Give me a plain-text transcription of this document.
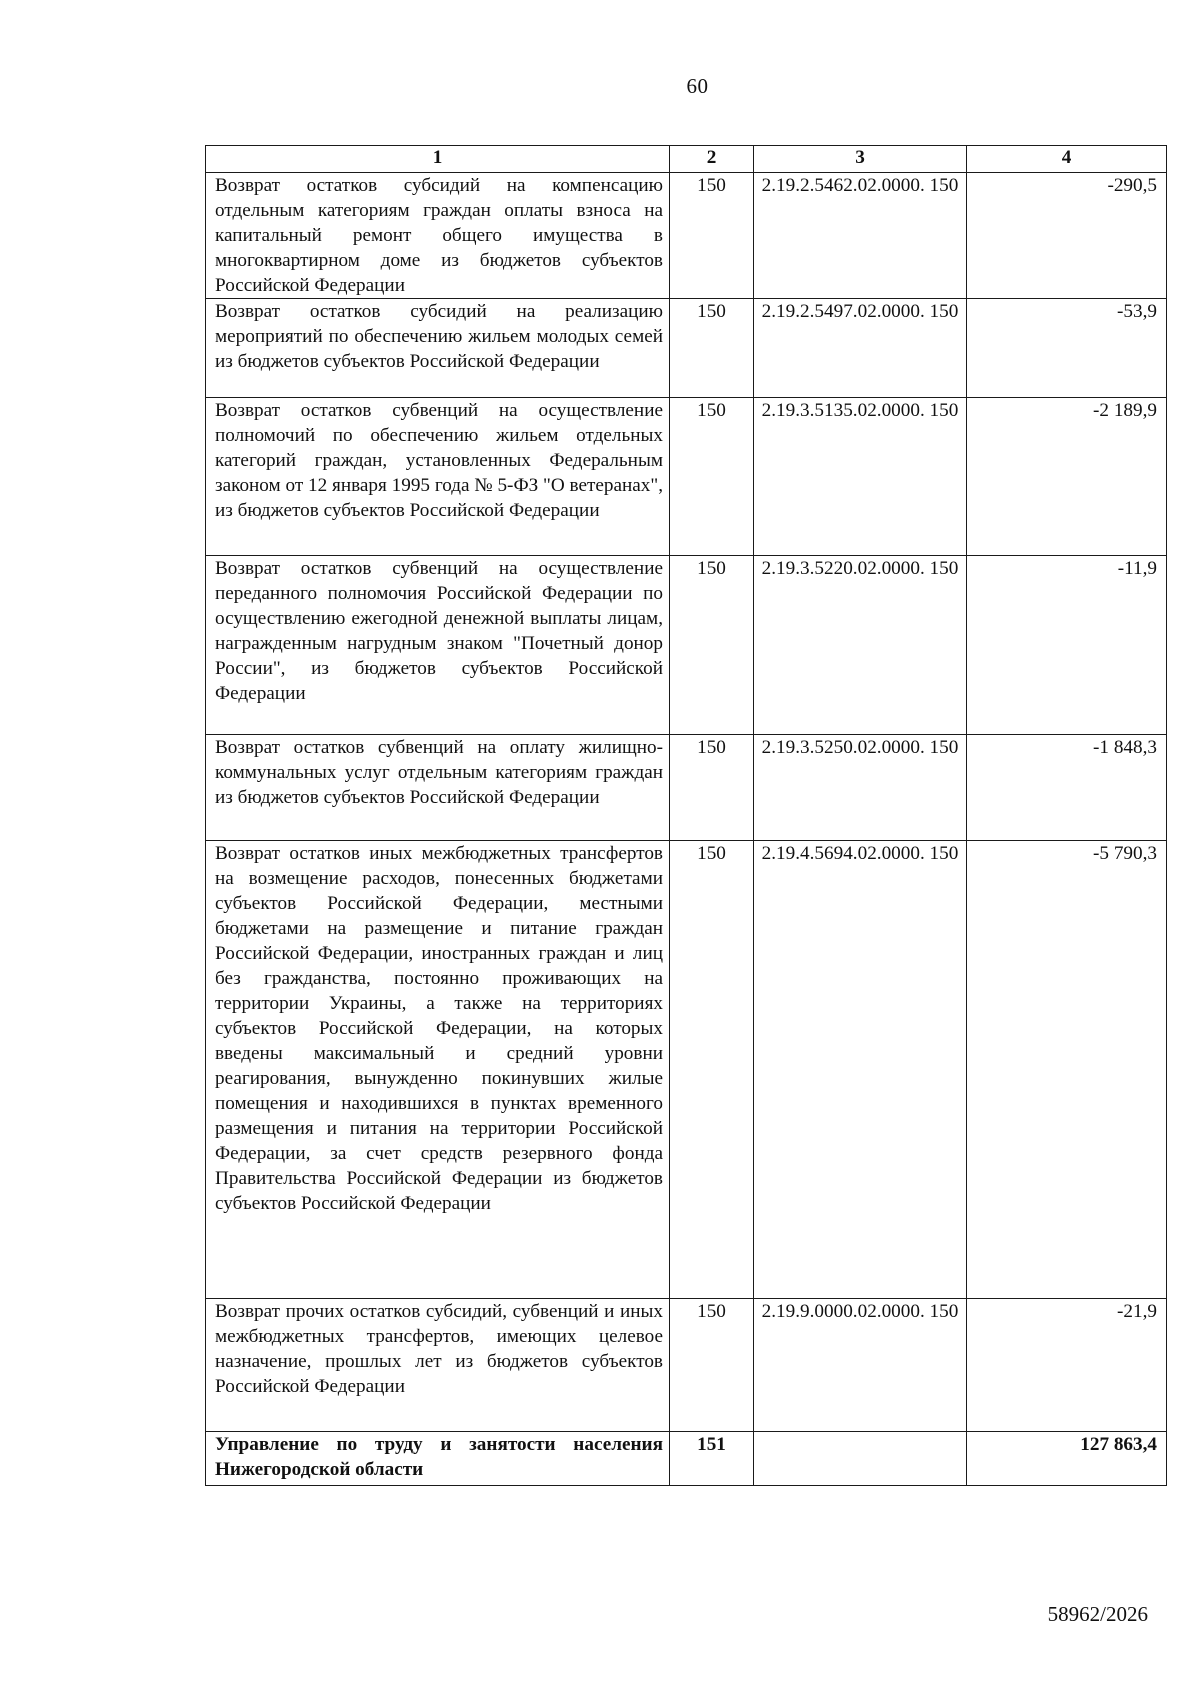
60
1	2	3	4
Возврат остатков субсидий на компенсацию отдельным категориям граждан оплаты взноса на капитальный ремонт общего имущества в многоквартирном доме из бюджетов субъектов Российской Федерации	150	2.19.2.5462.02.0000. 150	-290,5
Возврат остатков субсидий на реализацию мероприятий по обеспечению жильем молодых семей из бюджетов субъектов Российской Федерации	150	2.19.2.5497.02.0000. 150	-53,9
Возврат остатков субвенций на осуществление полномочий по обеспечению жильем отдельных категорий граждан, установленных Федеральным законом от 12 января 1995 года № 5-ФЗ "О ветеранах", из бюджетов субъектов Российской Федерации	150	2.19.3.5135.02.0000. 150	-2 189,9
Возврат остатков субвенций на осуществление переданного полномочия Российской Федерации по осуществлению ежегодной денежной выплаты лицам, награжденным нагрудным знаком "Почетный донор России", из бюджетов субъектов Российской Федерации	150	2.19.3.5220.02.0000. 150	-11,9
Возврат остатков субвенций на оплату жилищно-коммунальных услуг отдельным категориям граждан из бюджетов субъектов Российской Федерации	150	2.19.3.5250.02.0000. 150	-1 848,3
Возврат остатков иных межбюджетных трансфертов на возмещение расходов, понесенных бюджетами субъектов Российской Федерации, местными бюджетами на размещение и питание граждан Российской Федерации, иностранных граждан и лиц без гражданства, постоянно проживающих на территории Украины, а также на территориях субъектов Российской Федерации, на которых введены максимальный и средний уровни реагирования, вынужденно покинувших жилые помещения и находившихся в пунктах временного размещения и питания на территории Российской Федерации, за счет средств резервного фонда Правительства Российской Федерации из бюджетов субъектов Российской Федерации	150	2.19.4.5694.02.0000. 150	-5 790,3
Возврат прочих остатков субсидий, субвенций и иных межбюджетных трансфертов, имеющих целевое назначение, прошлых лет из бюджетов субъектов Российской Федерации	150	2.19.9.0000.02.0000. 150	-21,9
Управление по труду и занятости населения Нижегородской области	151		127 863,4
58962/2026
